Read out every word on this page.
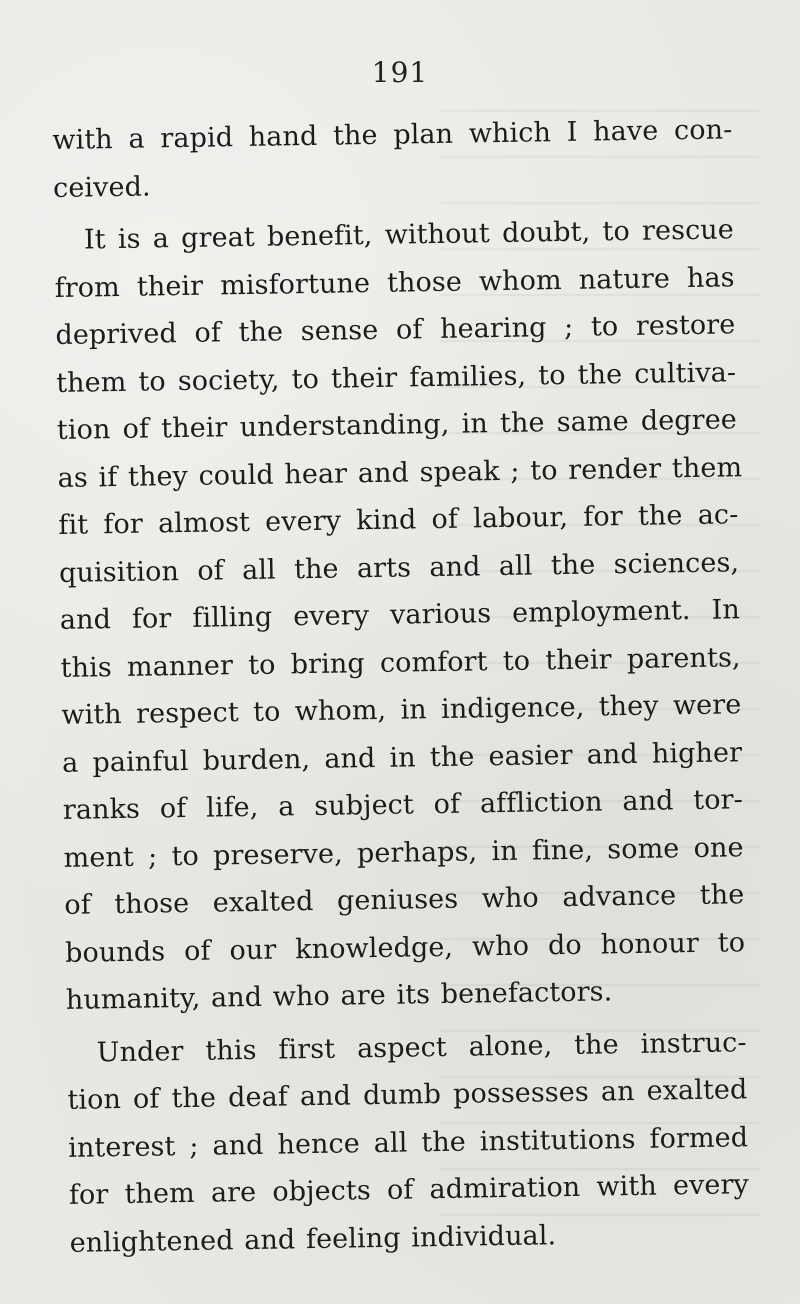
191
with a rapid hand the plan which I have con-
ceived.
It is a great benefit, without doubt, to rescue
from their misfortune those whom nature has
deprived of the sense of hearing ; to restore
them to society, to their families, to the cultiva-
tion of their understanding, in the same degree
as if they could hear and speak ; to render them
fit for almost every kind of labour, for the ac-
quisition of all the arts and all the sciences,
and for filling every various employment. In
this manner to bring comfort to their parents,
with respect to whom, in indigence, they were
a painful burden, and in the easier and higher
ranks of life, a subject of affliction and tor-
ment ; to preserve, perhaps, in fine, some one
of those exalted geniuses who advance the
bounds of our knowledge, who do honour to
humanity, and who are its benefactors.
Under this first aspect alone, the instruc-
tion of the deaf and dumb possesses an exalted
interest ; and hence all the institutions formed
for them are objects of admiration with every
enlightened and feeling individual.
